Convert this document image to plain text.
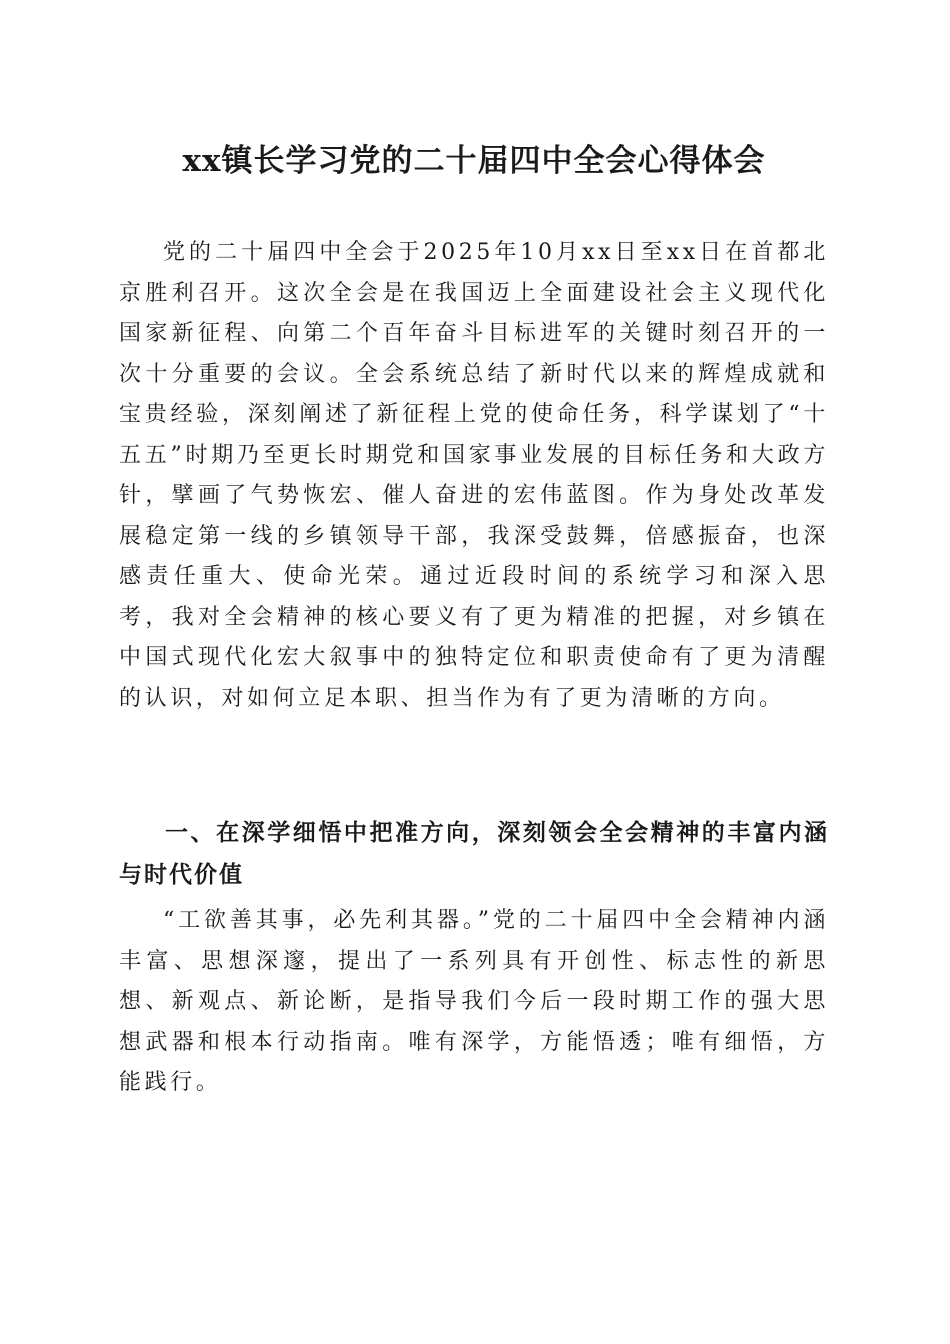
xx镇长学习党的二十届四中全会心得体会

党的二十届四中全会于2025年10月xx日至xx日在首都北京胜利召开。这次全会是在我国迈上全面建设社会主义现代化国家新征程、向第二个百年奋斗目标进军的关键时刻召开的一次十分重要的会议。全会系统总结了新时代以来的辉煌成就和宝贵经验，深刻阐述了新征程上党的使命任务，科学谋划了“十五五”时期乃至更长时期党和国家事业发展的目标任务和大政方针，擘画了气势恢宏、催人奋进的宏伟蓝图。作为身处改革发展稳定第一线的乡镇领导干部，我深受鼓舞，倍感振奋，也深感责任重大、使命光荣。通过近段时间的系统学习和深入思考，我对全会精神的核心要义有了更为精准的把握，对乡镇在中国式现代化宏大叙事中的独特定位和职责使命有了更为清醒的认识，对如何立足本职、担当作为有了更为清晰的方向。

一、在深学细悟中把准方向，深刻领会全会精神的丰富内涵与时代价值

“工欲善其事，必先利其器。”党的二十届四中全会精神内涵丰富、思想深邃，提出了一系列具有开创性、标志性的新思想、新观点、新论断，是指导我们今后一段时期工作的强大思想武器和根本行动指南。唯有深学，方能悟透；唯有细悟，方能践行。
